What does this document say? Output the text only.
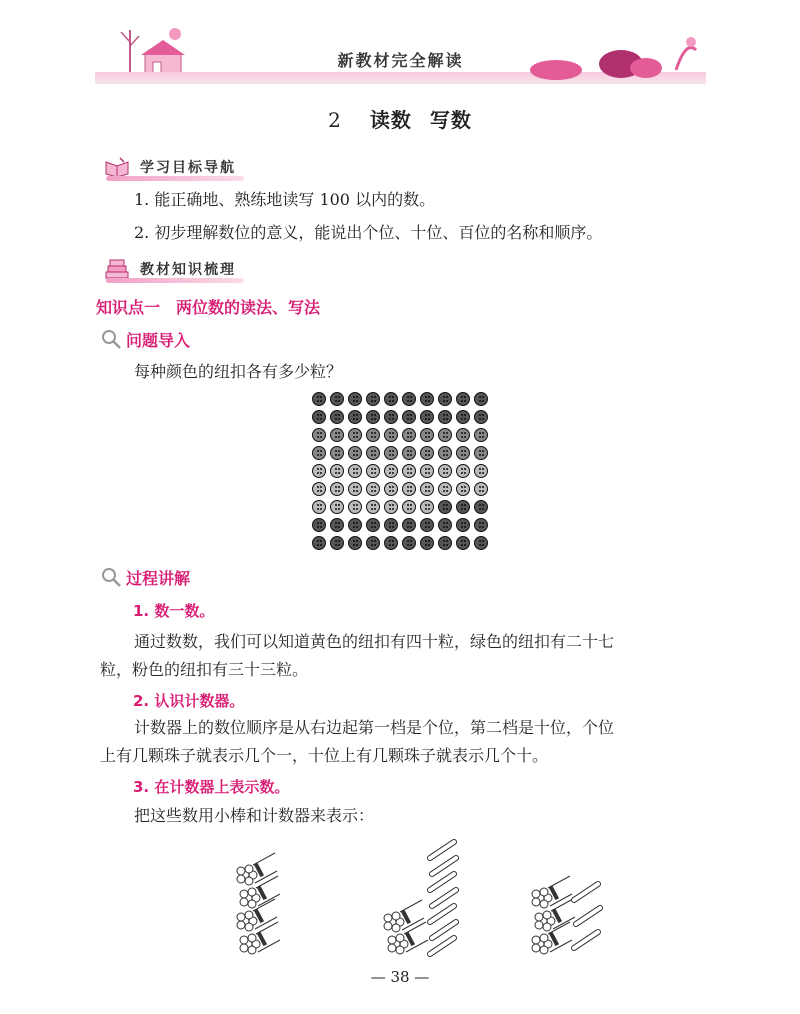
新教材完全解读
2 读数 写数
学习目标导航
1. 能正确地、熟练地读写 100 以内的数。
2. 初步理解数位的意义，能说出个位、十位、百位的名称和顺序。
教材知识梳理
知识点一　两位数的读法、写法
问题导入
每种颜色的纽扣各有多少粒？
过程讲解
1. 数一数。
通过数数，我们可以知道黄色的纽扣有四十粒，绿色的纽扣有二十七
粒，粉色的纽扣有三十三粒。
2. 认识计数器。
计数器上的数位顺序是从右边起第一档是个位，第二档是十位，个位
上有几颗珠子就表示几个一，十位上有几颗珠子就表示几个十。
3. 在计数器上表示数。
把这些数用小棒和计数器来表示：
— 38 —
